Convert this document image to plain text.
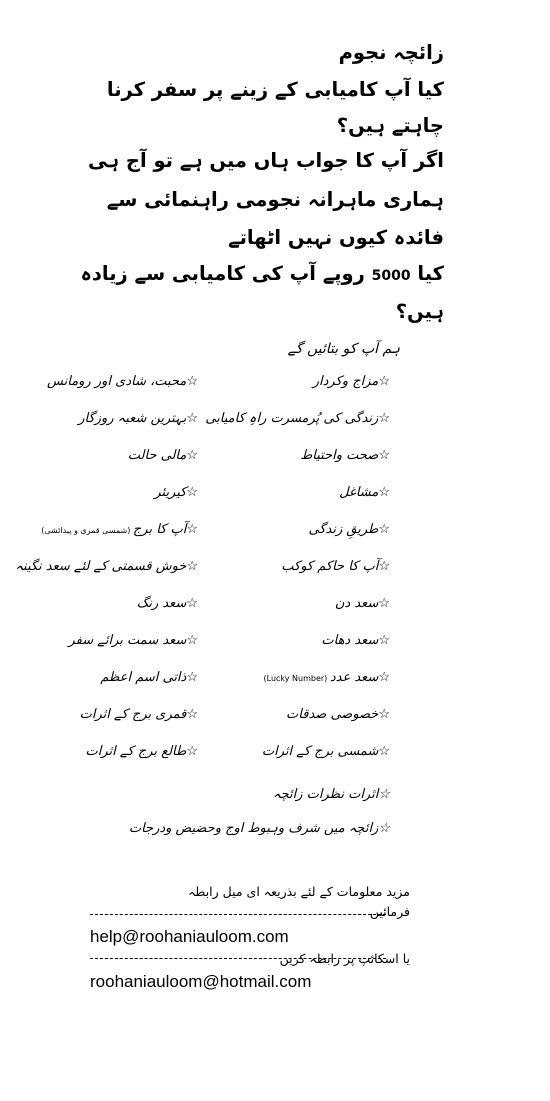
زائچہ نجوم
کیا آپ کامیابی کے زینے پر سفر کرنا
چاہتے ہیں؟
اگر آپ کا جواب ہاں میں ہے تو آج ہی
ہماری ماہرانہ نجومی راہنمائی سے
فائدہ کیوں نہیں اٹھاتے
کیا 5000 روپے آپ کی کامیابی سے زیادہ
ہیں؟
ہم آپ کو بتائیں گے
☆مزاج وکردار
☆زندگی کی پُرمسرت راہِ کامیابی
☆صحت واحتیاط
☆مشاغل
☆طریقِ زندگی
☆آپ کا حاکم کوکب
☆سعد دن
☆سعد دھات
☆سعد عدد (Lucky Number)
☆خصوصی صدقات
☆شمسی برج کے اثرات
☆محبت، شادی اور رومانس
☆بہترین شعبہ روزگار
☆مالی حالت
☆کیریئر
☆آپ کا برج (شمسی قمری و پیدائشی)
☆خوش قسمتی کے لئے سعد نگینہ
☆سعد رنگ
☆سعد سمت برائے سفر
☆ذاتی اسم اعظم
☆قمری برج کے اثرات
☆طالع برج کے اثرات
☆اثرات نظرات زائچہ
☆زائچہ میں شرف وہبوط اوج وحضیض ودرجات
مزید معلومات کے لئے بذریعہ ای میل رابطہ
فرمائیں
help@roohaniauloom.com
یا اسکائپ پر رابطہ کریں
roohaniauloom@hotmail.com
